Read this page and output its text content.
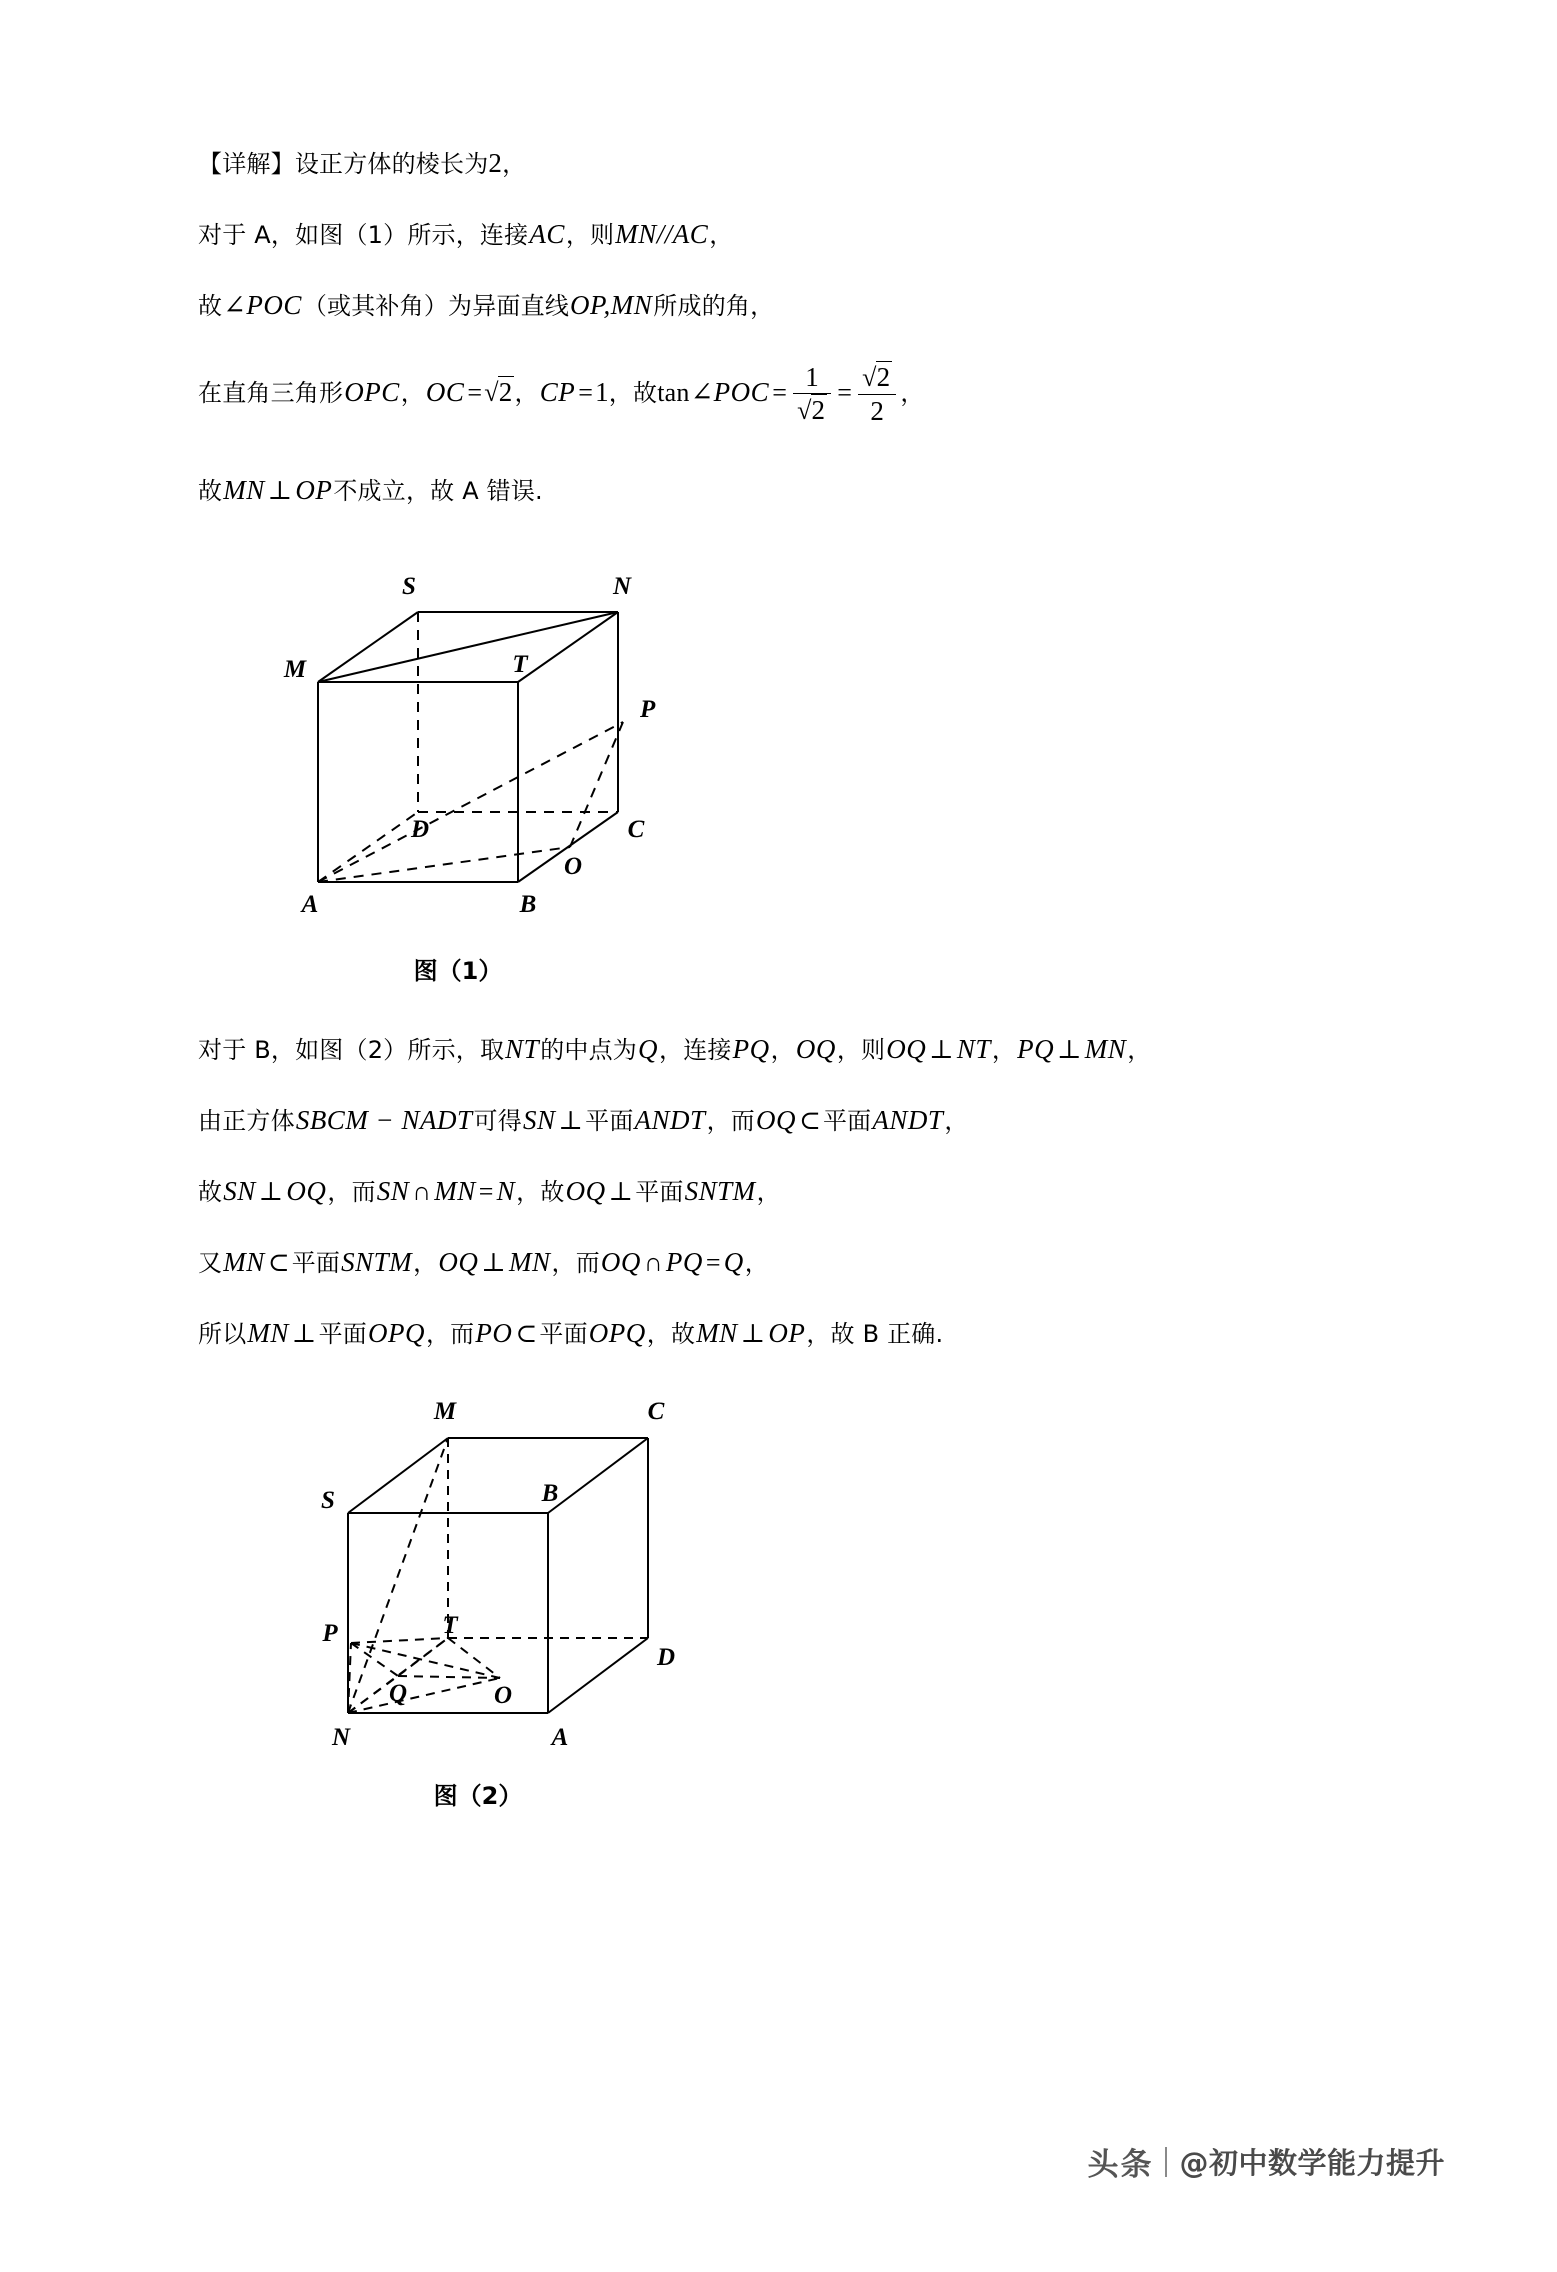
【详解】设正方体的棱长为2，

对于 A，如图（1）所示，连接AC，则MN//AC，

故∠POC（或其补角）为异面直线OP,MN所成的角，

在直角三角形OPC，OC =√2，CP =1，故tan∠POC = $\frac{1}{√2} = \frac{√2}{2}$ ，

故MN ⊥ OP不成立，故 A 错误.

S	N
M	T
P
D	C
O
A	B
图（1）

对于 B，如图（2）所示，取NT的中点为Q，连接PQ，OQ，则OQ ⊥ NT，PQ ⊥ MN，

由正方体SBCM − NADT可得SN ⊥平面ANDT，而OQ ⊂平面ANDT，

故SN ⊥ OQ，而SN ∩ MN = N，故OQ ⊥平面SNTM，

又MN ⊂平面SNTM，OQ ⊥ MN，而OQ ∩ PQ = Q，

所以MN ⊥平面OPQ，而PO ⊂平面OPQ，故MN ⊥ OP，故 B 正确.

M	C
B
S
T
D
P
Q	O
N	A
图（2）
头条 @初中数学能力提升
